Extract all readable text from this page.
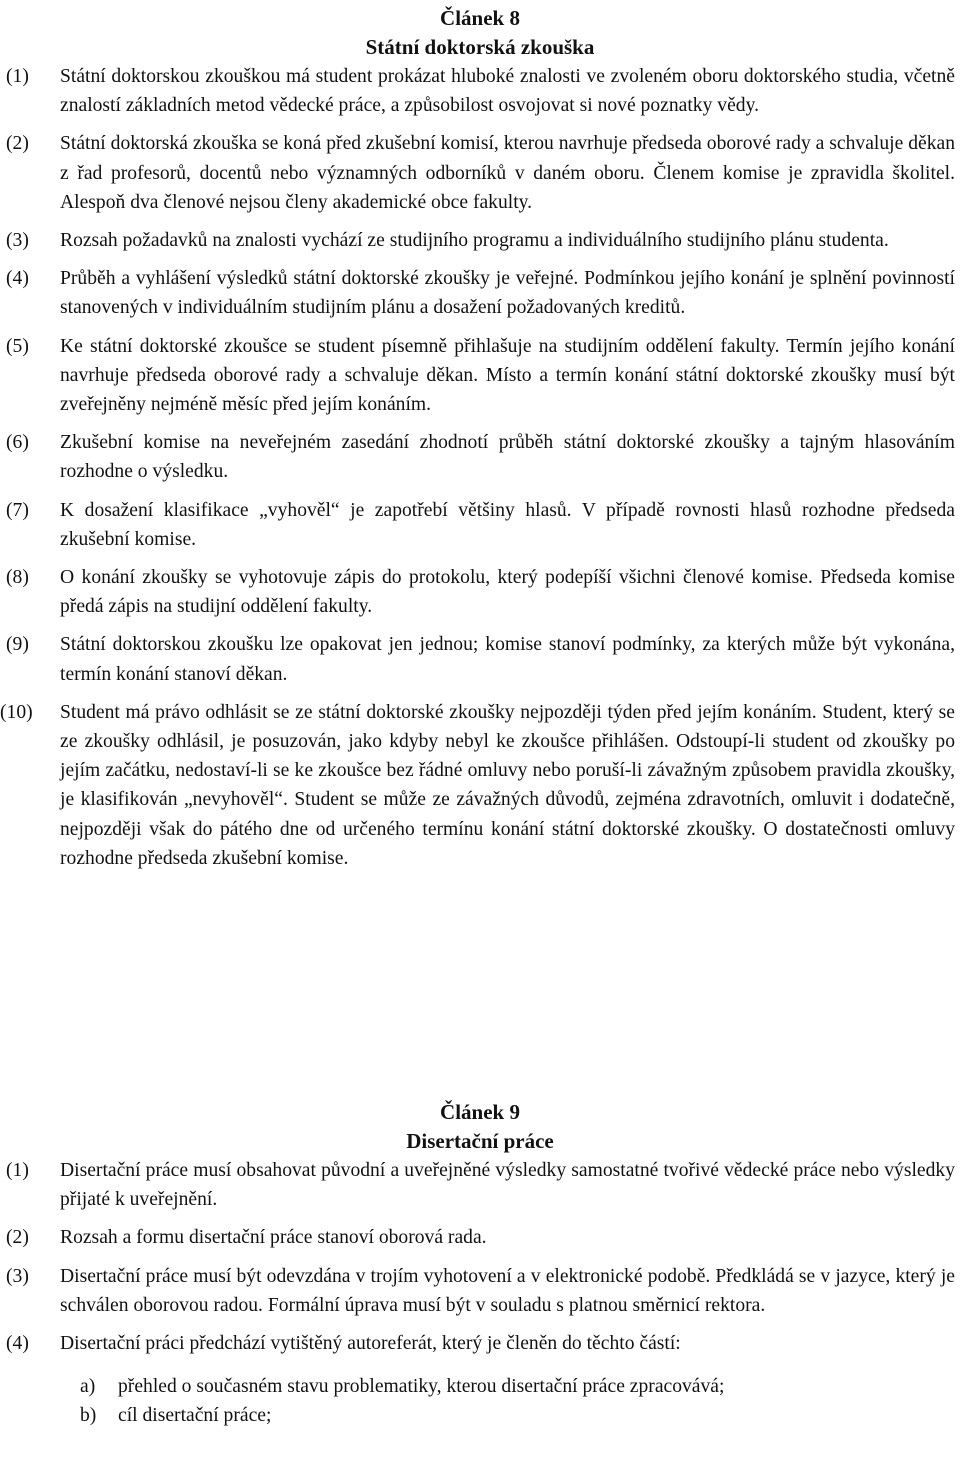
Článek 8

Státní doktorská zkouška

(1) Státní doktorskou zkouškou má student prokázat hluboké znalosti ve zvoleném oboru doktorského studia, včetně znalostí základních metod vědecké práce, a způsobilost osvojovat si nové poznatky vědy.
(2) Státní doktorská zkouška se koná před zkušební komisí, kterou navrhuje předseda oborové rady a schvaluje děkan z řad profesorů, docentů nebo významných odborníků v daném oboru. Členem komise je zpravidla školitel. Alespoň dva členové nejsou členy akademické obce fakulty.
(3) Rozsah požadavků na znalosti vychází ze studijního programu a individuálního studijního plánu studenta.
(4) Průběh a vyhlášení výsledků státní doktorské zkoušky je veřejné. Podmínkou jejího konání je splnění povinností stanovených v individuálním studijním plánu a dosažení požadovaných kreditů.
(5) Ke státní doktorské zkoušce se student písemně přihlašuje na studijním oddělení fakulty. Termín jejího konání navrhuje předseda oborové rady a schvaluje děkan. Místo a termín konání státní doktorské zkoušky musí být zveřejněny nejméně měsíc před jejím konáním.
(6) Zkušební komise na neveřejném zasedání zhodnotí průběh státní doktorské zkoušky a tajným hlasováním rozhodne o výsledku.
(7) K dosažení klasifikace „vyhověl“ je zapotřebí většiny hlasů. V případě rovnosti hlasů rozhodne předseda zkušební komise.
(8) O konání zkoušky se vyhotovuje zápis do protokolu, který podepíší všichni členové komise. Předseda komise předá zápis na studijní oddělení fakulty.
(9) Státní doktorskou zkoušku lze opakovat jen jednou; komise stanoví podmínky, za kterých může být vykonána, termín konání stanoví děkan.
(10) Student má právo odhlásit se ze státní doktorské zkoušky nejpozději týden před jejím konáním. Student, který se ze zkoušky odhlásil, je posuzován, jako kdyby nebyl ke zkoušce přihlášen. Odstoupí-li student od zkoušky po jejím začátku, nedostaví-li se ke zkoušce bez řádné omluvy nebo poruší-li závažným způsobem pravidla zkoušky, je klasifikován „nevyhověl“. Student se může ze závažných důvodů, zejména zdravotních, omluvit i dodatečně, nejpozději však do pátého dne od určeného termínu konání státní doktorské zkoušky. O dostatečnosti omluvy rozhodne předseda zkušební komise.

Článek 9

Disertační práce

(1) Disertační práce musí obsahovat původní a uveřejněné výsledky samostatné tvořivé vědecké práce nebo výsledky přijaté k uveřejnění.
(2) Rozsah a formu disertační práce stanoví oborová rada.
(3) Disertační práce musí být odevzdána v trojím vyhotovení a v elektronické podobě. Předkládá se v jazyce, který je schválen oborovou radou. Formální úprava musí být v souladu s platnou směrnicí rektora.
(4) Disertační práci předchází vytištěný autoreferát, který je členěn do těchto částí:
a) přehled o současném stavu problematiky, kterou disertační práce zpracovává;
b) cíl disertační práce;
